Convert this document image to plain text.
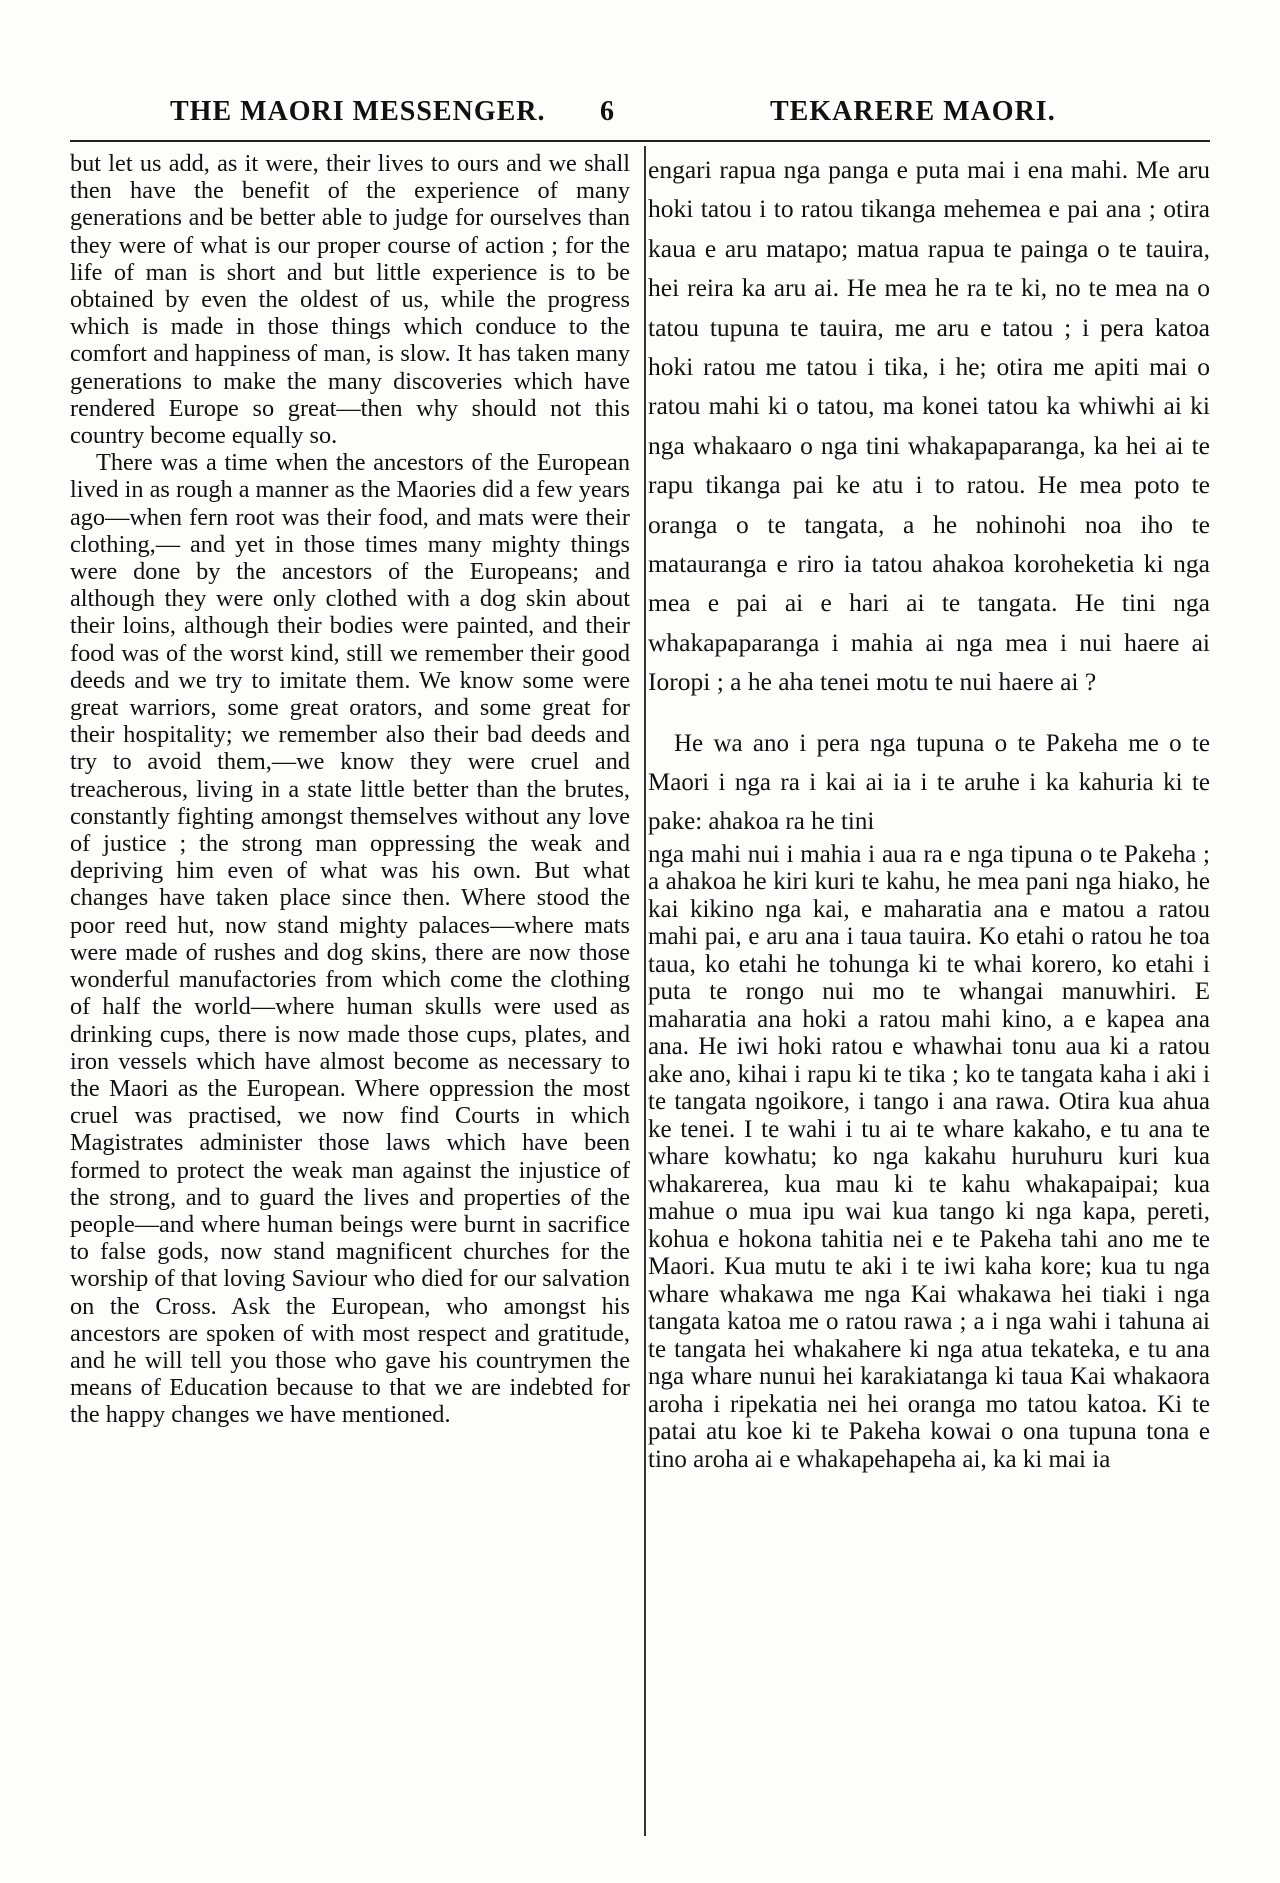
THE MAORI MESSENGER. 6	TEKARERE MAORI.

but let us add, as it were, their lives to ours and we shall then have the benefit of the experience of many generations and be better able to judge for ourselves than they were of what is our proper course of action ; for the life of man is short and but little experience is to be obtained by even the oldest of us, while the progress which is made in those things which conduce to the comfort and happiness of man, is slow. It has taken many generations to make the many discoveries which have rendered Europe so great—then why should not this country become equally so.

There was a time when the ancestors of the European lived in as rough a manner as the Maories did a few years ago—when fern root was their food, and mats were their clothing,— and yet in those times many mighty things were done by the ancestors of the Europeans; and although they were only clothed with a dog skin about their loins, although their bodies were painted, and their food was of the worst kind, still we remember their good deeds and we try to imitate them. We know some were great warriors, some great orators, and some great for their hospitality; we remember also their bad deeds and try to avoid them,—we know they were cruel and treacherous, living in a state little better than the brutes, constantly fighting amongst themselves without any love of justice ; the strong man oppressing the weak and depriving him even of what was his own. But what changes have taken place since then. Where stood the poor reed hut, now stand mighty palaces—where mats were made of rushes and dog skins, there are now those wonderful manufactories from which come the clothing of half the world—where human skulls were used as drinking cups, there is now made those cups, plates, and iron vessels which have almost become as necessary to the Maori as the European. Where oppression the most cruel was practised, we now find Courts in which Magistrates administer those laws which have been formed to protect the weak man against the injustice of the strong, and to guard the lives and properties of the people—and where human beings were burnt in sacrifice to false gods, now stand magnificent churches for the worship of that loving Saviour who died for our salvation on the Cross. Ask the European, who amongst his ancestors are spoken of with most respect and gratitude, and he will tell you those who gave his countrymen the means of Education because to that we are indebted for the happy changes we have mentioned.

engari rapua nga panga e puta mai i ena mahi. Me aru hoki tatou i to ratou tikanga mehemea e pai ana ; otira kaua e aru matapo; matua rapua te painga o te tauira, hei reira ka aru ai. He mea he ra te ki, no te mea na o tatou tupuna te tauira, me aru e tatou ; i pera katoa hoki ratou me tatou i tika, i he; otira me apiti mai o ratou mahi ki o tatou, ma konei tatou ka whiwhi ai ki nga whakaaro o nga tini whakapaparanga, ka hei ai te rapu tikanga pai ke atu i to ratou. He mea poto te oranga o te tangata, a he nohinohi noa iho te matauranga e riro ia tatou ahakoa koroheketia ki nga mea e pai ai e hari ai te tangata. He tini nga whakapaparanga i mahia ai nga mea i nui haere ai Ioropi ; a he aha tenei motu te nui haere ai ?

He wa ano i pera nga tupuna o te Pakeha me o te Maori i nga ra i kai ai ia i te aruhe i ka kahuria ki te pake: ahakoa ra he tini
nga mahi nui i mahia i aua ra e nga tipuna o te Pakeha ; a ahakoa he kiri kuri te kahu, he mea pani nga hiako, he kai kikino nga kai, e maharatia ana e matou a ratou mahi pai, e aru ana i taua tauira. Ko etahi o ratou he toa taua, ko etahi he tohunga ki te whai korero, ko etahi i puta te rongo nui mo te whangai manuwhiri. E maharatia ana hoki a ratou mahi kino, a e kapea ana ana. He iwi hoki ratou e whawhai tonu aua ki a ratou ake ano, kihai i rapu ki te tika ; ko te tangata kaha i aki i te tangata ngoikore, i tango i ana rawa. Otira kua ahua ke tenei. I te wahi i tu ai te whare kakaho, e tu ana te whare kowhatu; ko nga kakahu huruhuru kuri kua whakarerea, kua mau ki te kahu whakapaipai; kua mahue o mua ipu wai kua tango ki nga kapa, pereti, kohua e hokona tahitia nei e te Pakeha tahi ano me te Maori. Kua mutu te aki i te iwi kaha kore; kua tu nga whare whakawa me nga Kai whakawa hei tiaki i nga tangata katoa me o ratou rawa ; a i nga wahi i tahuna ai te tangata hei whakahere ki nga atua tekateka, e tu ana nga whare nunui hei karakiatanga ki taua Kai whakaora aroha i ripekatia nei hei oranga mo tatou katoa. Ki te patai atu koe ki te Pakeha kowai o ona tupuna tona e tino aroha ai e whakapehapeha ai, ka ki mai ia
